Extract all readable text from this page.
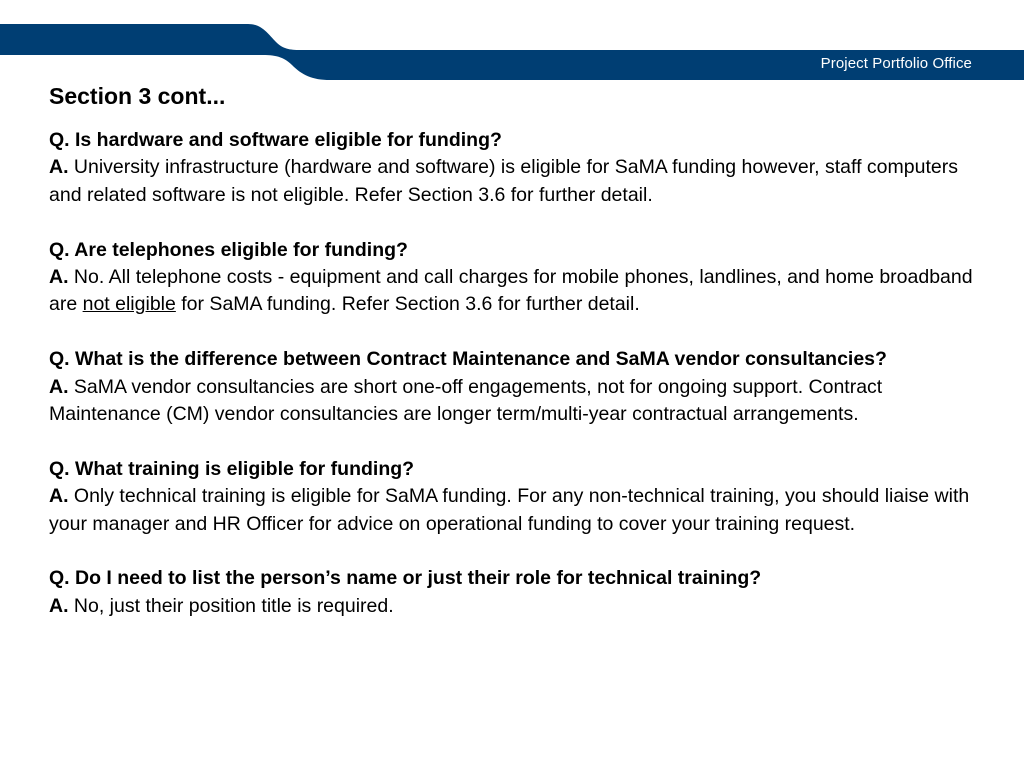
Project Portfolio Office
Section 3 cont...
Q. Is hardware and software eligible for funding?
A. University infrastructure (hardware and software) is eligible for SaMA funding however, staff computers and related software is not eligible. Refer Section 3.6 for further detail.
Q. Are telephones eligible for funding?
A. No. All telephone costs - equipment and call charges for mobile phones, landlines, and home broadband are not eligible for SaMA funding. Refer Section 3.6 for further detail.
Q. What is the difference between Contract Maintenance and SaMA vendor consultancies?
A. SaMA vendor consultancies are short one-off engagements, not for ongoing support. Contract Maintenance (CM) vendor consultancies are longer term/multi-year contractual arrangements.
Q. What training is eligible for funding?
A. Only technical training is eligible for SaMA funding. For any non-technical training, you should liaise with your manager and HR Officer for advice on operational funding to cover your training request.
Q. Do I need to list the person’s name or just their role for technical training?
A. No, just their position title is required.
